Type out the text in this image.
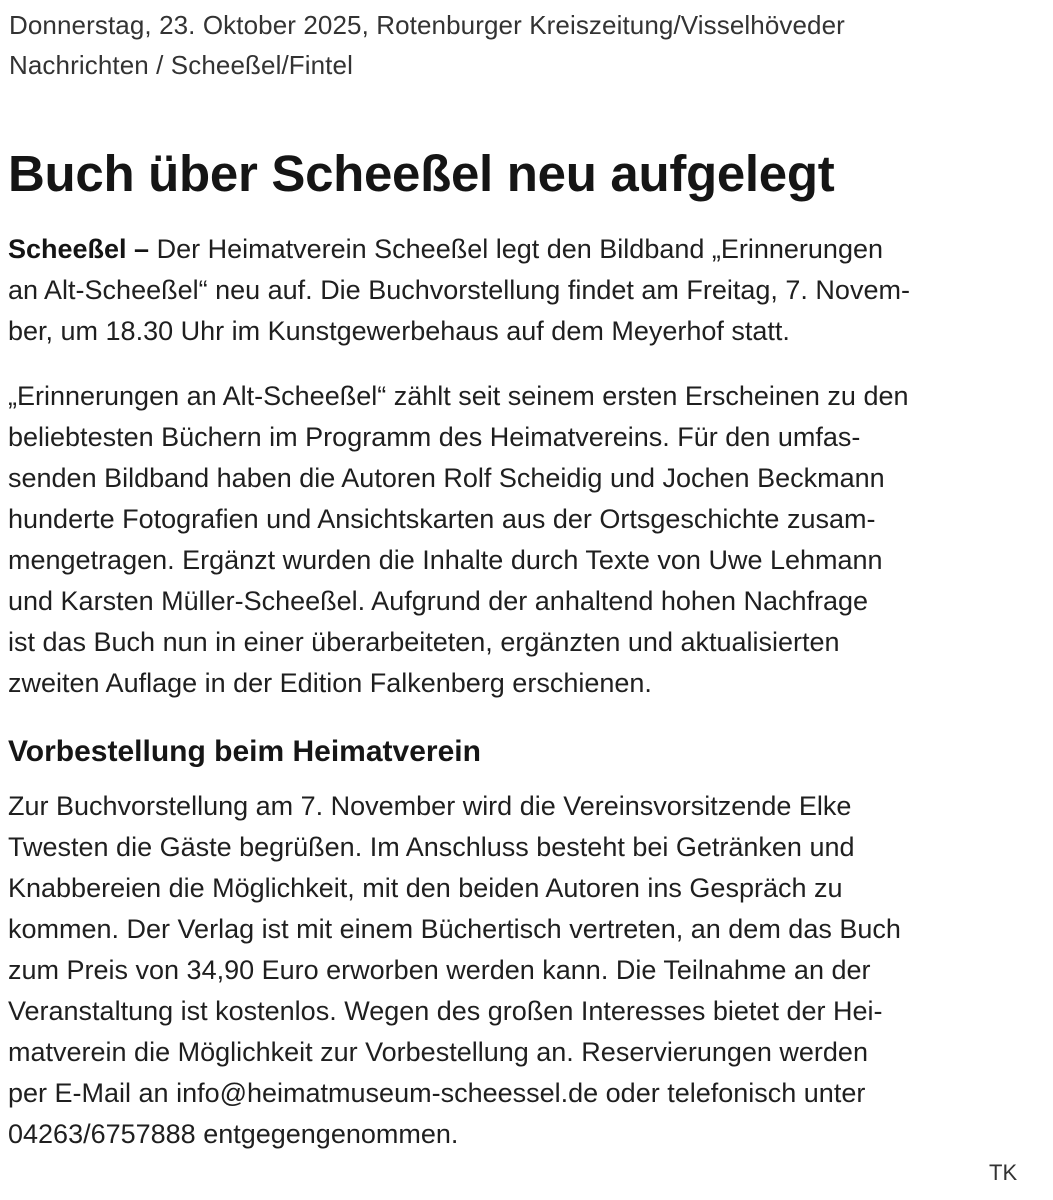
Donnerstag, 23. Oktober 2025, Rotenburger Kreiszeitung/Visselhöveder
Nachrichten / Scheeßel/Fintel
Buch über Scheeßel neu aufgelegt
Scheeßel – Der Heimatverein Scheeßel legt den Bildband „Erinnerungen
an Alt-Scheeßel“ neu auf. Die Buchvorstellung findet am Freitag, 7. Novem-
ber, um 18.30 Uhr im Kunstgewerbehaus auf dem Meyerhof statt.
„Erinnerungen an Alt-Scheeßel“ zählt seit seinem ersten Erscheinen zu den
beliebtesten Büchern im Programm des Heimatvereins. Für den umfas-
senden Bildband haben die Autoren Rolf Scheidig und Jochen Beckmann
hunderte Fotografien und Ansichtskarten aus der Ortsgeschichte zusam-
mengetragen. Ergänzt wurden die Inhalte durch Texte von Uwe Lehmann
und Karsten Müller-Scheeßel. Aufgrund der anhaltend hohen Nachfrage
ist das Buch nun in einer überarbeiteten, ergänzten und aktualisierten
zweiten Auflage in der Edition Falkenberg erschienen.
Vorbestellung beim Heimatverein
Zur Buchvorstellung am 7. November wird die Vereinsvorsitzende Elke
Twesten die Gäste begrüßen. Im Anschluss besteht bei Getränken und
Knabbereien die Möglichkeit, mit den beiden Autoren ins Gespräch zu
kommen. Der Verlag ist mit einem Büchertisch vertreten, an dem das Buch
zum Preis von 34,90 Euro erworben werden kann. Die Teilnahme an der
Veranstaltung ist kostenlos. Wegen des großen Interesses bietet der Hei-
matverein die Möglichkeit zur Vorbestellung an. Reservierungen werden
per E-Mail an info@heimatmuseum-scheessel.de oder telefonisch unter
04263/6757888 entgegengenommen.
TK
